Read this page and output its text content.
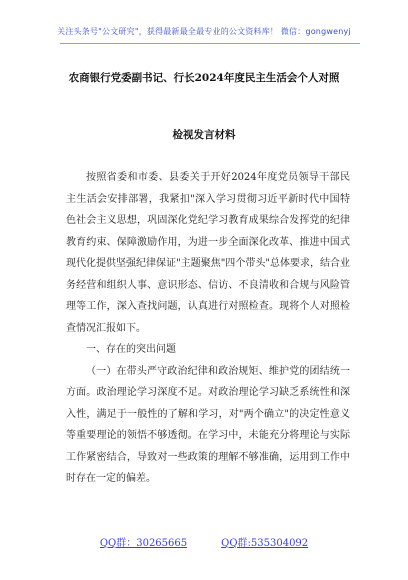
关注头条号"公文研究"，获得最新最全最专业的公文资料库！ 微信：gongwenyj
农商银行党委副书记、行长2024年度民主生活会个人对照
检视发言材料

按照省委和市委、县委关于开好2024年度党员领导干部民主生活会安排部署，我紧扣"深入学习贯彻习近平新时代中国特色社会主义思想，巩固深化党纪学习教育成果综合发挥党的纪律教育约束、保障激励作用，为进一步全面深化改革、推进中国式现代化提供坚强纪律保证"主题聚焦"四个带头"总体要求，结合业务经营和组织人事、意识形态、信访、不良清收和合规与风险管理等工作，深入查找问题，认真进行对照检查。现将个人对照检查情况汇报如下。

一、存在的突出问题

（一）在带头严守政治纪律和政治规矩、维护党的团结统一方面。政治理论学习深度不足。对政治理论学习缺乏系统性和深入性，满足于一般性的了解和学习，对"两个确立"的决定性意义等重要理论的领悟不够透彻。在学习中，未能充分将理论与实际工作紧密结合，导致对一些政策的理解不够准确，运用到工作中时存在一定的偏差。

QQ群：30265665	QQ群:535304092
